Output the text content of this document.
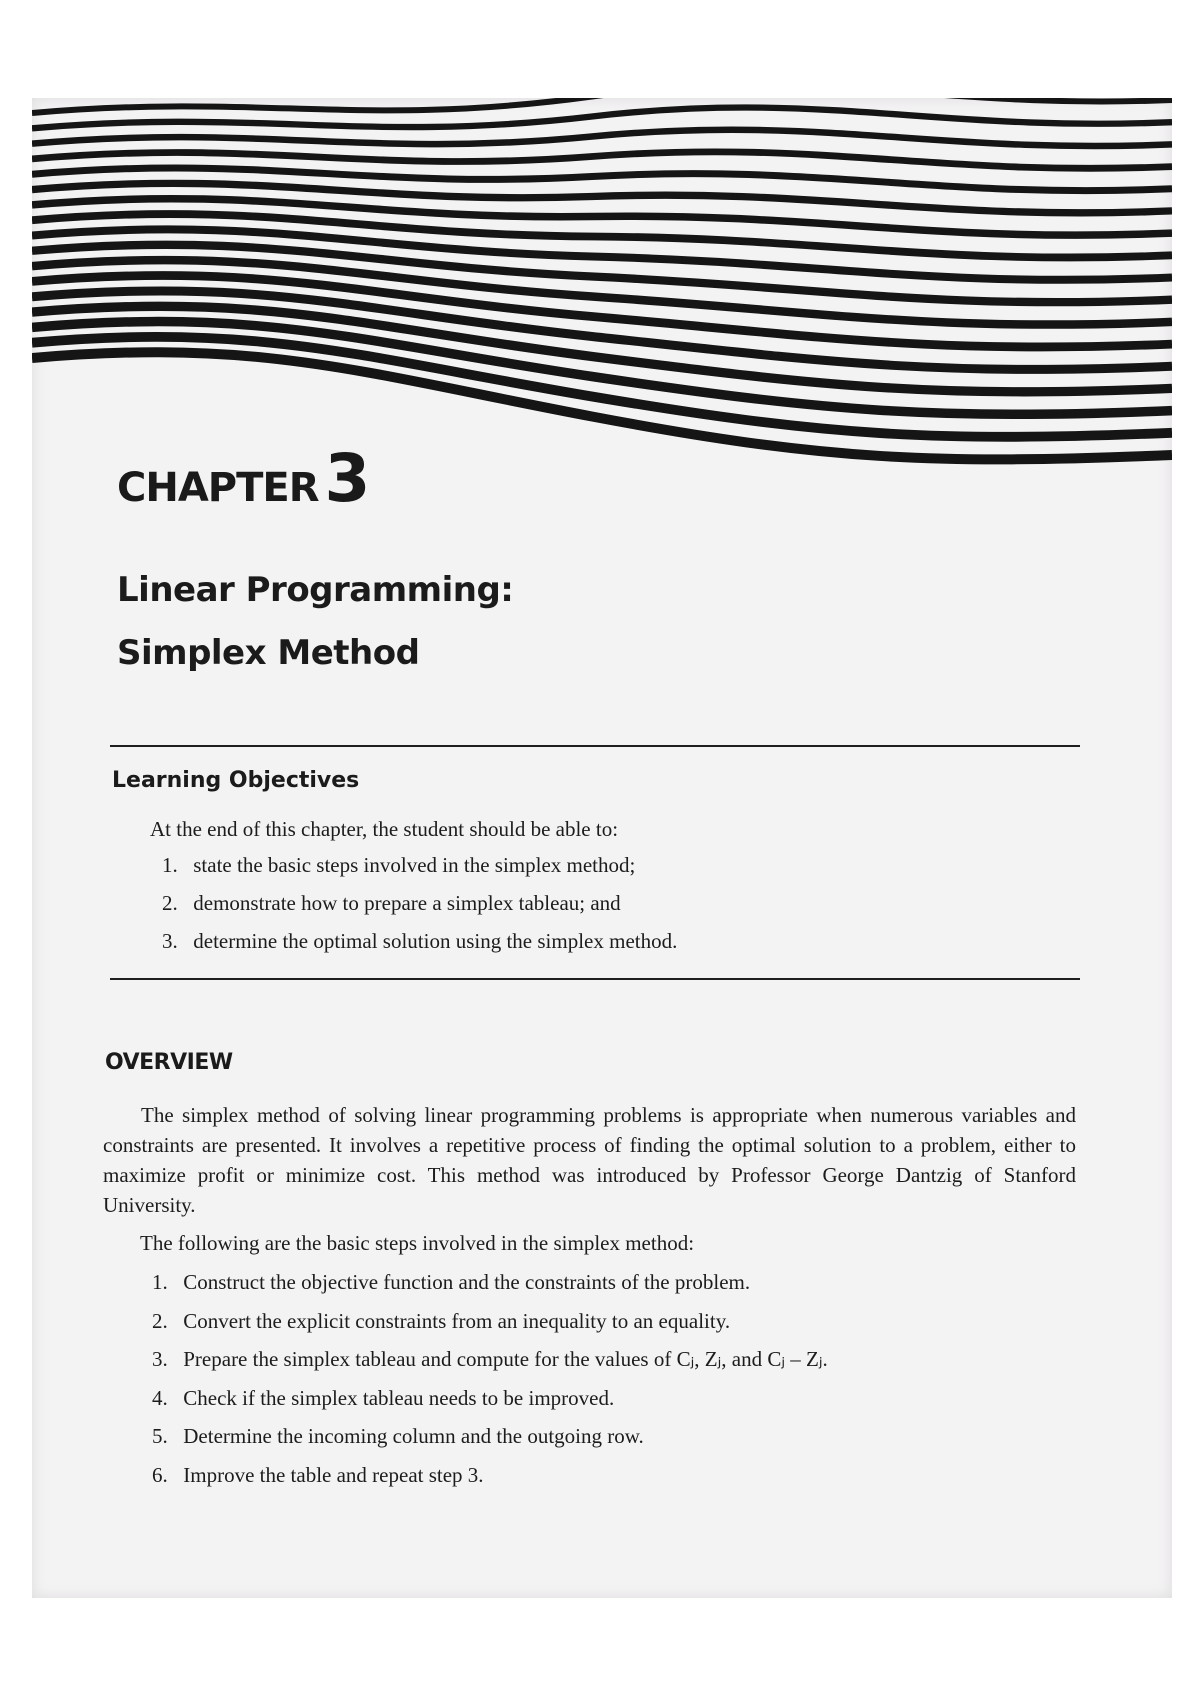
CHAPTER3
Linear Programming:
Simplex Method
Learning Objectives
At the end of this chapter, the student should be able to:
1. state the basic steps involved in the simplex method;
2. demonstrate how to prepare a simplex tableau; and
3. determine the optimal solution using the simplex method.
OVERVIEW

The simplex method of solving linear programming problems is appropriate when numerous variables and constraints are presented. It involves a repetitive process of finding the optimal solution to a problem, either to maximize profit or minimize cost. This method was introduced by Professor George Dantzig of Stanford University.

The following are the basic steps involved in the simplex method:
1. Construct the objective function and the constraints of the problem.
2. Convert the explicit constraints from an inequality to an equality.
3. Prepare the simplex tableau and compute for the values of Cⱼ, Zⱼ, and Cⱼ – Zⱼ.
4. Check if the simplex tableau needs to be improved.
5. Determine the incoming column and the outgoing row.
6. Improve the table and repeat step 3.
